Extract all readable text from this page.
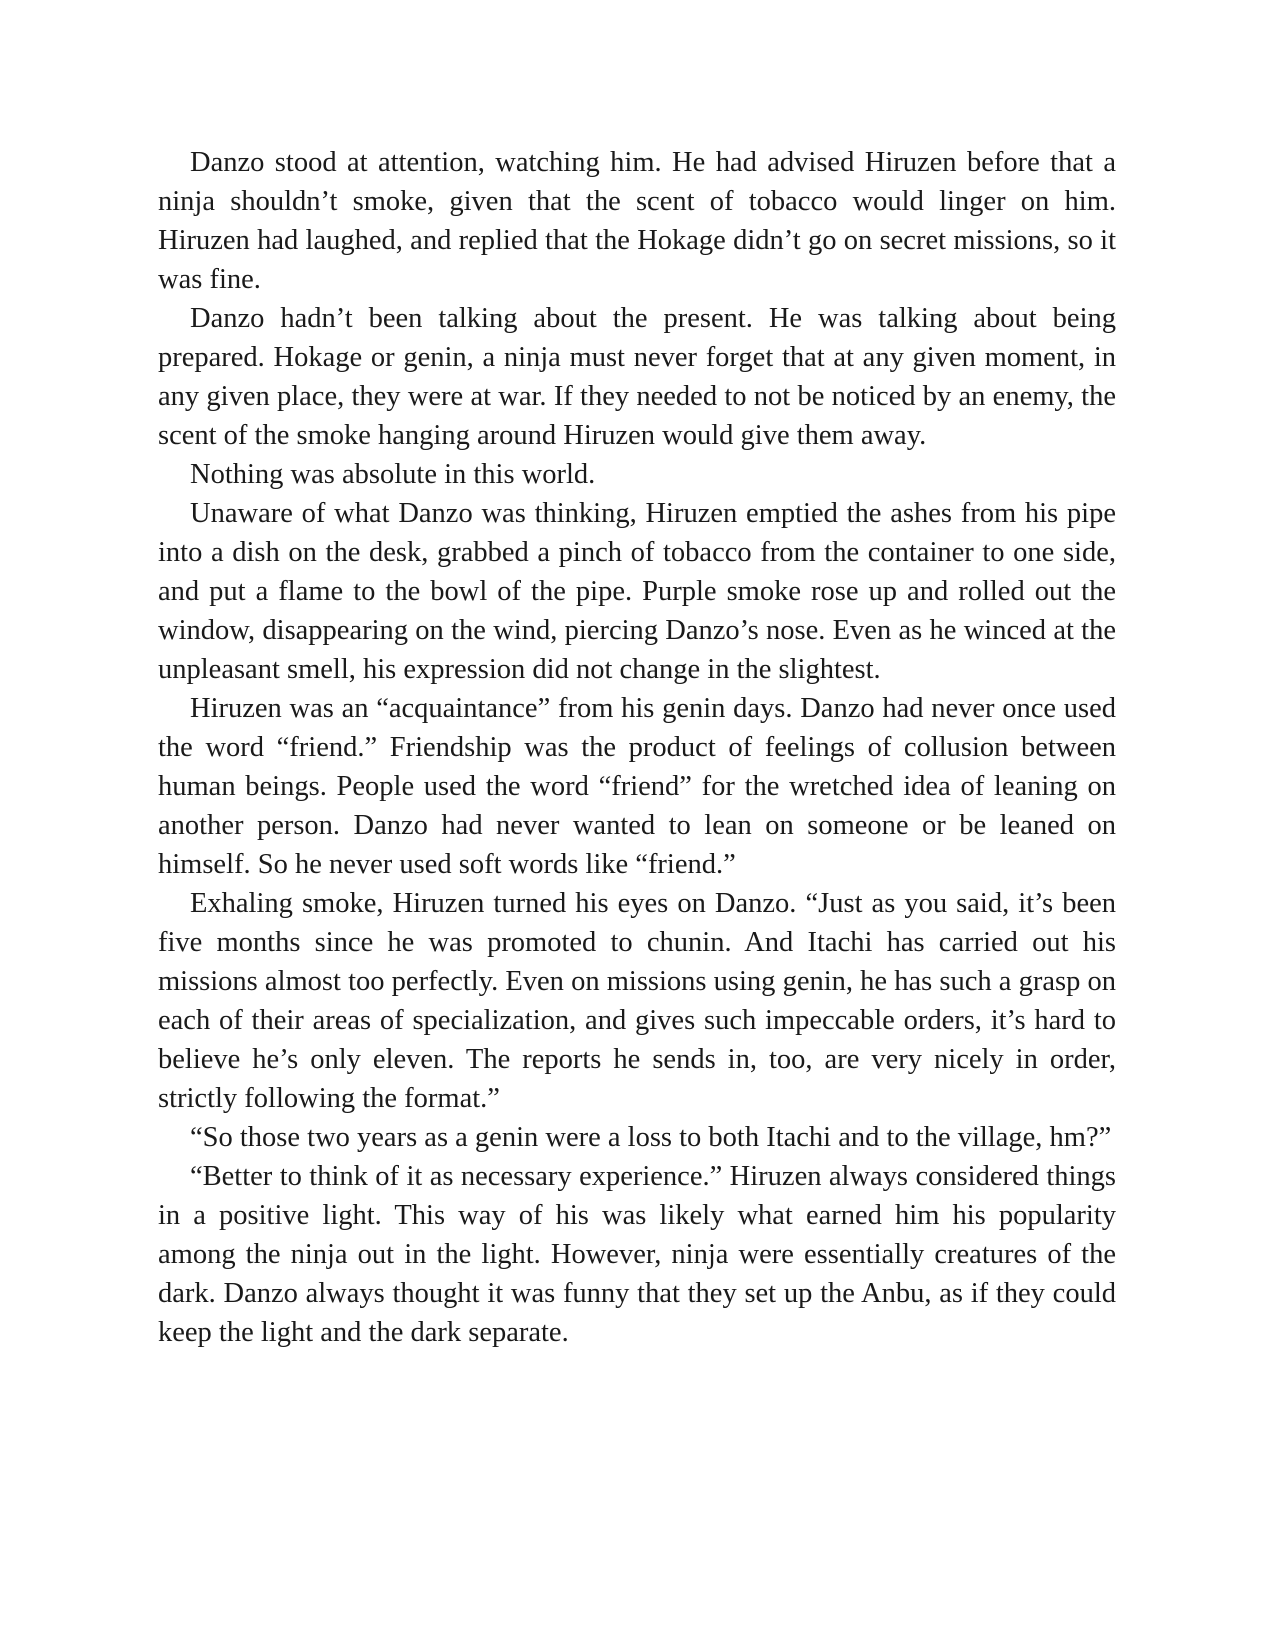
Danzo stood at attention, watching him. He had advised Hiruzen before that a ninja shouldn’t smoke, given that the scent of tobacco would linger on him. Hiruzen had laughed, and replied that the Hokage didn’t go on secret missions, so it was fine.

Danzo hadn’t been talking about the present. He was talking about being prepared. Hokage or genin, a ninja must never forget that at any given moment, in any given place, they were at war. If they needed to not be noticed by an enemy, the scent of the smoke hanging around Hiruzen would give them away.

Nothing was absolute in this world.

Unaware of what Danzo was thinking, Hiruzen emptied the ashes from his pipe into a dish on the desk, grabbed a pinch of tobacco from the container to one side, and put a flame to the bowl of the pipe. Purple smoke rose up and rolled out the window, disappearing on the wind, piercing Danzo’s nose. Even as he winced at the unpleasant smell, his expression did not change in the slightest.

Hiruzen was an “acquaintance” from his genin days. Danzo had never once used the word “friend.” Friendship was the product of feelings of collusion between human beings. People used the word “friend” for the wretched idea of leaning on another person. Danzo had never wanted to lean on someone or be leaned on himself. So he never used soft words like “friend.”

Exhaling smoke, Hiruzen turned his eyes on Danzo. “Just as you said, it’s been five months since he was promoted to chunin. And Itachi has carried out his missions almost too perfectly. Even on missions using genin, he has such a grasp on each of their areas of specialization, and gives such impeccable orders, it’s hard to believe he’s only eleven. The reports he sends in, too, are very nicely in order, strictly following the format.”

“So those two years as a genin were a loss to both Itachi and to the village, hm?”

“Better to think of it as necessary experience.” Hiruzen always considered things in a positive light. This way of his was likely what earned him his popularity among the ninja out in the light. However, ninja were essentially creatures of the dark. Danzo always thought it was funny that they set up the Anbu, as if they could keep the light and the dark separate.
